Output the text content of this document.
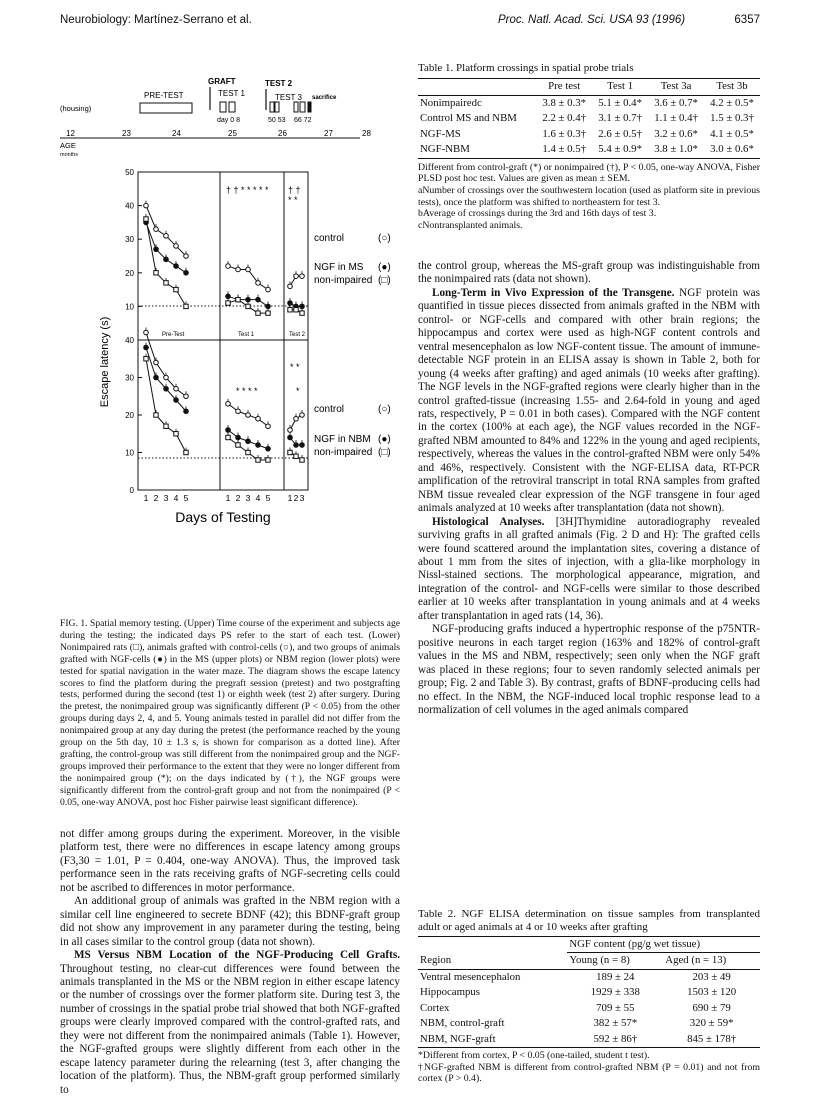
Neurobiology: Martínez-Serrano et al.	Proc. Natl. Acad. Sci. USA 93 (1996)	6357
GRAFT
TEST 1
TEST 2
TEST 3 sacrifice
PRE-TEST
(housing)
day 0 8	50 53 66 72
12	23	24	25	26	27	28
AGE
months
Escape latency (s)
50
40
30
20
10
Pre-Test	Test 1	Test 2
† † * * * * * † †
* *
control	(○)
NGF in MS (●)
non-impaired (□)
40
30
20
10
0
* * * *
* *
*
control	(○)
NGF in NBM (●)
non-impaired (□)
1 2 3 4 5	1 2 3 4 5 1 2 3
Days of Testing
FIG. 1. Spatial memory testing. (Upper) Time course of the experiment and subjects age during the testing; the indicated days PS refer to the start of each test. (Lower) Nonimpaired rats (□), animals grafted with control-cells (○), and two groups of animals grafted with NGF-cells (●) in the MS (upper plots) or NBM region (lower plots) were tested for spatial navigation in the water maze. The diagram shows the escape latency scores to find the platform during the pregraft session (pretest) and two postgrafting tests, performed during the second (test 1) or eighth week (test 2) after surgery. During the pretest, the nonimpaired group was significantly different (P < 0.05) from the other groups during days 2, 4, and 5. Young animals tested in parallel did not differ from the nonimpaired group at any day during the pretest (the performance reached by the young group on the 5th day, 10 ± 1.3 s, is shown for comparison as a dotted line). After grafting, the control-group was still different from the nonimpaired group and the NGF-groups improved their performance to the extent that they were no longer different from the nonimpaired group (*); on the days indicated by (†), the NGF groups were significantly different from the control-graft group and not from the nonimpaired (P < 0.05, one-way ANOVA, post hoc Fisher pairwise least significant difference).

not differ among groups during the experiment. Moreover, in the visible platform test, there were no differences in escape latency among groups (F3,30 = 1.01, P = 0.404, one-way ANOVA). Thus, the improved task performance seen in the rats receiving grafts of NGF-secreting cells could not be ascribed to differences in motor performance.

An additional group of animals was grafted in the NBM region with a similar cell line engineered to secrete BDNF (42); this BDNF-graft group did not show any improvement in any parameter during the testing, being in all cases similar to the control group (data not shown).

MS Versus NBM Location of the NGF-Producing Cell Grafts. Throughout testing, no clear-cut differences were found between the animals transplanted in the MS or the NBM region in either escape latency or the number of crossings over the former platform site. During test 3, the number of crossings in the spatial probe trial showed that both NGF-grafted groups were clearly improved compared with the control-grafted rats, and they were not different from the nonimpaired animals (Table 1). However, the NGF-grafted groups were slightly different from each other in the escape latency parameter during the relearning (test 3, after changing the location of the platform). Thus, the NBM-graft group performed similarly to

Table 1. Platform crossings in spatial probe trials
	Pre test	Test 1	Test 3a	Test 3b
Nonimpairedc	3.8 ± 0.3*	5.1 ± 0.4*	3.6 ± 0.7*	4.2 ± 0.5*
Control MS and NBM	2.2 ± 0.4†	3.1 ± 0.7†	1.1 ± 0.4†	1.5 ± 0.3†
NGF-MS	1.6 ± 0.3†	2.6 ± 0.5†	3.2 ± 0.6*	4.1 ± 0.5*
NGF-NBM	1.4 ± 0.5†	5.4 ± 0.9*	3.8 ± 1.0*	3.0 ± 0.6*

Different from control-graft (*) or nonimpaired (†), P < 0.05, one-way ANOVA, Fisher PLSD post hoc test. Values are given as mean ± SEM.

aNumber of crossings over the southwestern location (used as platform site in previous tests), once the platform was shifted to northeastern for test 3.

bAverage of crossings during the 3rd and 16th days of test 3.

cNontransplanted animals.

the control group, whereas the MS-graft group was indistinguishable from the nonimpaired rats (data not shown).

Long-Term in Vivo Expression of the Transgene. NGF protein was quantified in tissue pieces dissected from animals grafted in the NBM with control- or NGF-cells and compared with other brain regions; the hippocampus and cortex were used as high-NGF content controls and ventral mesencephalon as low NGF-content tissue. The amount of immune-detectable NGF protein in an ELISA assay is shown in Table 2, both for young (4 weeks after grafting) and aged animals (10 weeks after grafting). The NGF levels in the NGF-grafted regions were clearly higher than in the control grafted-tissue (increasing 1.55- and 2.64-fold in young and aged rats, respectively, P = 0.01 in both cases). Compared with the NGF content in the cortex (100% at each age), the NGF values recorded in the NGF-grafted NBM amounted to 84% and 122% in the young and aged recipients, respectively, whereas the values in the control-grafted NBM were only 54% and 46%, respectively. Consistent with the NGF-ELISA data, RT-PCR amplification of the retroviral transcript in total RNA samples from grafted NBM tissue revealed clear expression of the NGF transgene in four aged animals analyzed at 10 weeks after transplantation (data not shown).

Histological Analyses. [3H]Thymidine autoradiography revealed surviving grafts in all grafted animals (Fig. 2 D and H): The grafted cells were found scattered around the implantation sites, covering a distance of about 1 mm from the sites of injection, with a glia-like morphology in Nissl-stained sections. The morphological appearance, migration, and integration of the control- and NGF-cells were similar to those described earlier at 10 weeks after transplantation in young animals and at 4 weeks after transplantation in aged rats (14, 36).

NGF-producing grafts induced a hypertrophic response of the p75NTR-positive neurons in each target region (163% and 182% of control-graft values in the MS and NBM, respectively; seen only when the NGF graft was placed in these regions; four to seven randomly selected animals per group; Fig. 2 and Table 3). By contrast, grafts of BDNF-producing cells had no effect. In the NBM, the NGF-induced local trophic response lead to a normalization of cell volumes in the aged animals compared

Table 2. NGF ELISA determination on tissue samples from transplanted adult or aged animals at 4 or 10 weeks after grafting
	NGF content (pg/g wet tissue)	
Region	Young (n = 8)	Aged (n = 13)
Ventral mesencephalon	189 ± 24	203 ± 49
Hippocampus	1929 ± 338	1503 ± 120
Cortex	709 ± 55	690 ± 79
NBM, control-graft	382 ± 57*	320 ± 59*
NBM, NGF-graft	592 ± 86†	845 ± 178†

*Different from cortex, P < 0.05 (one-tailed, student t test).

†NGF-grafted NBM is different from control-grafted NBM (P = 0.01) and not from cortex (P > 0.4).
